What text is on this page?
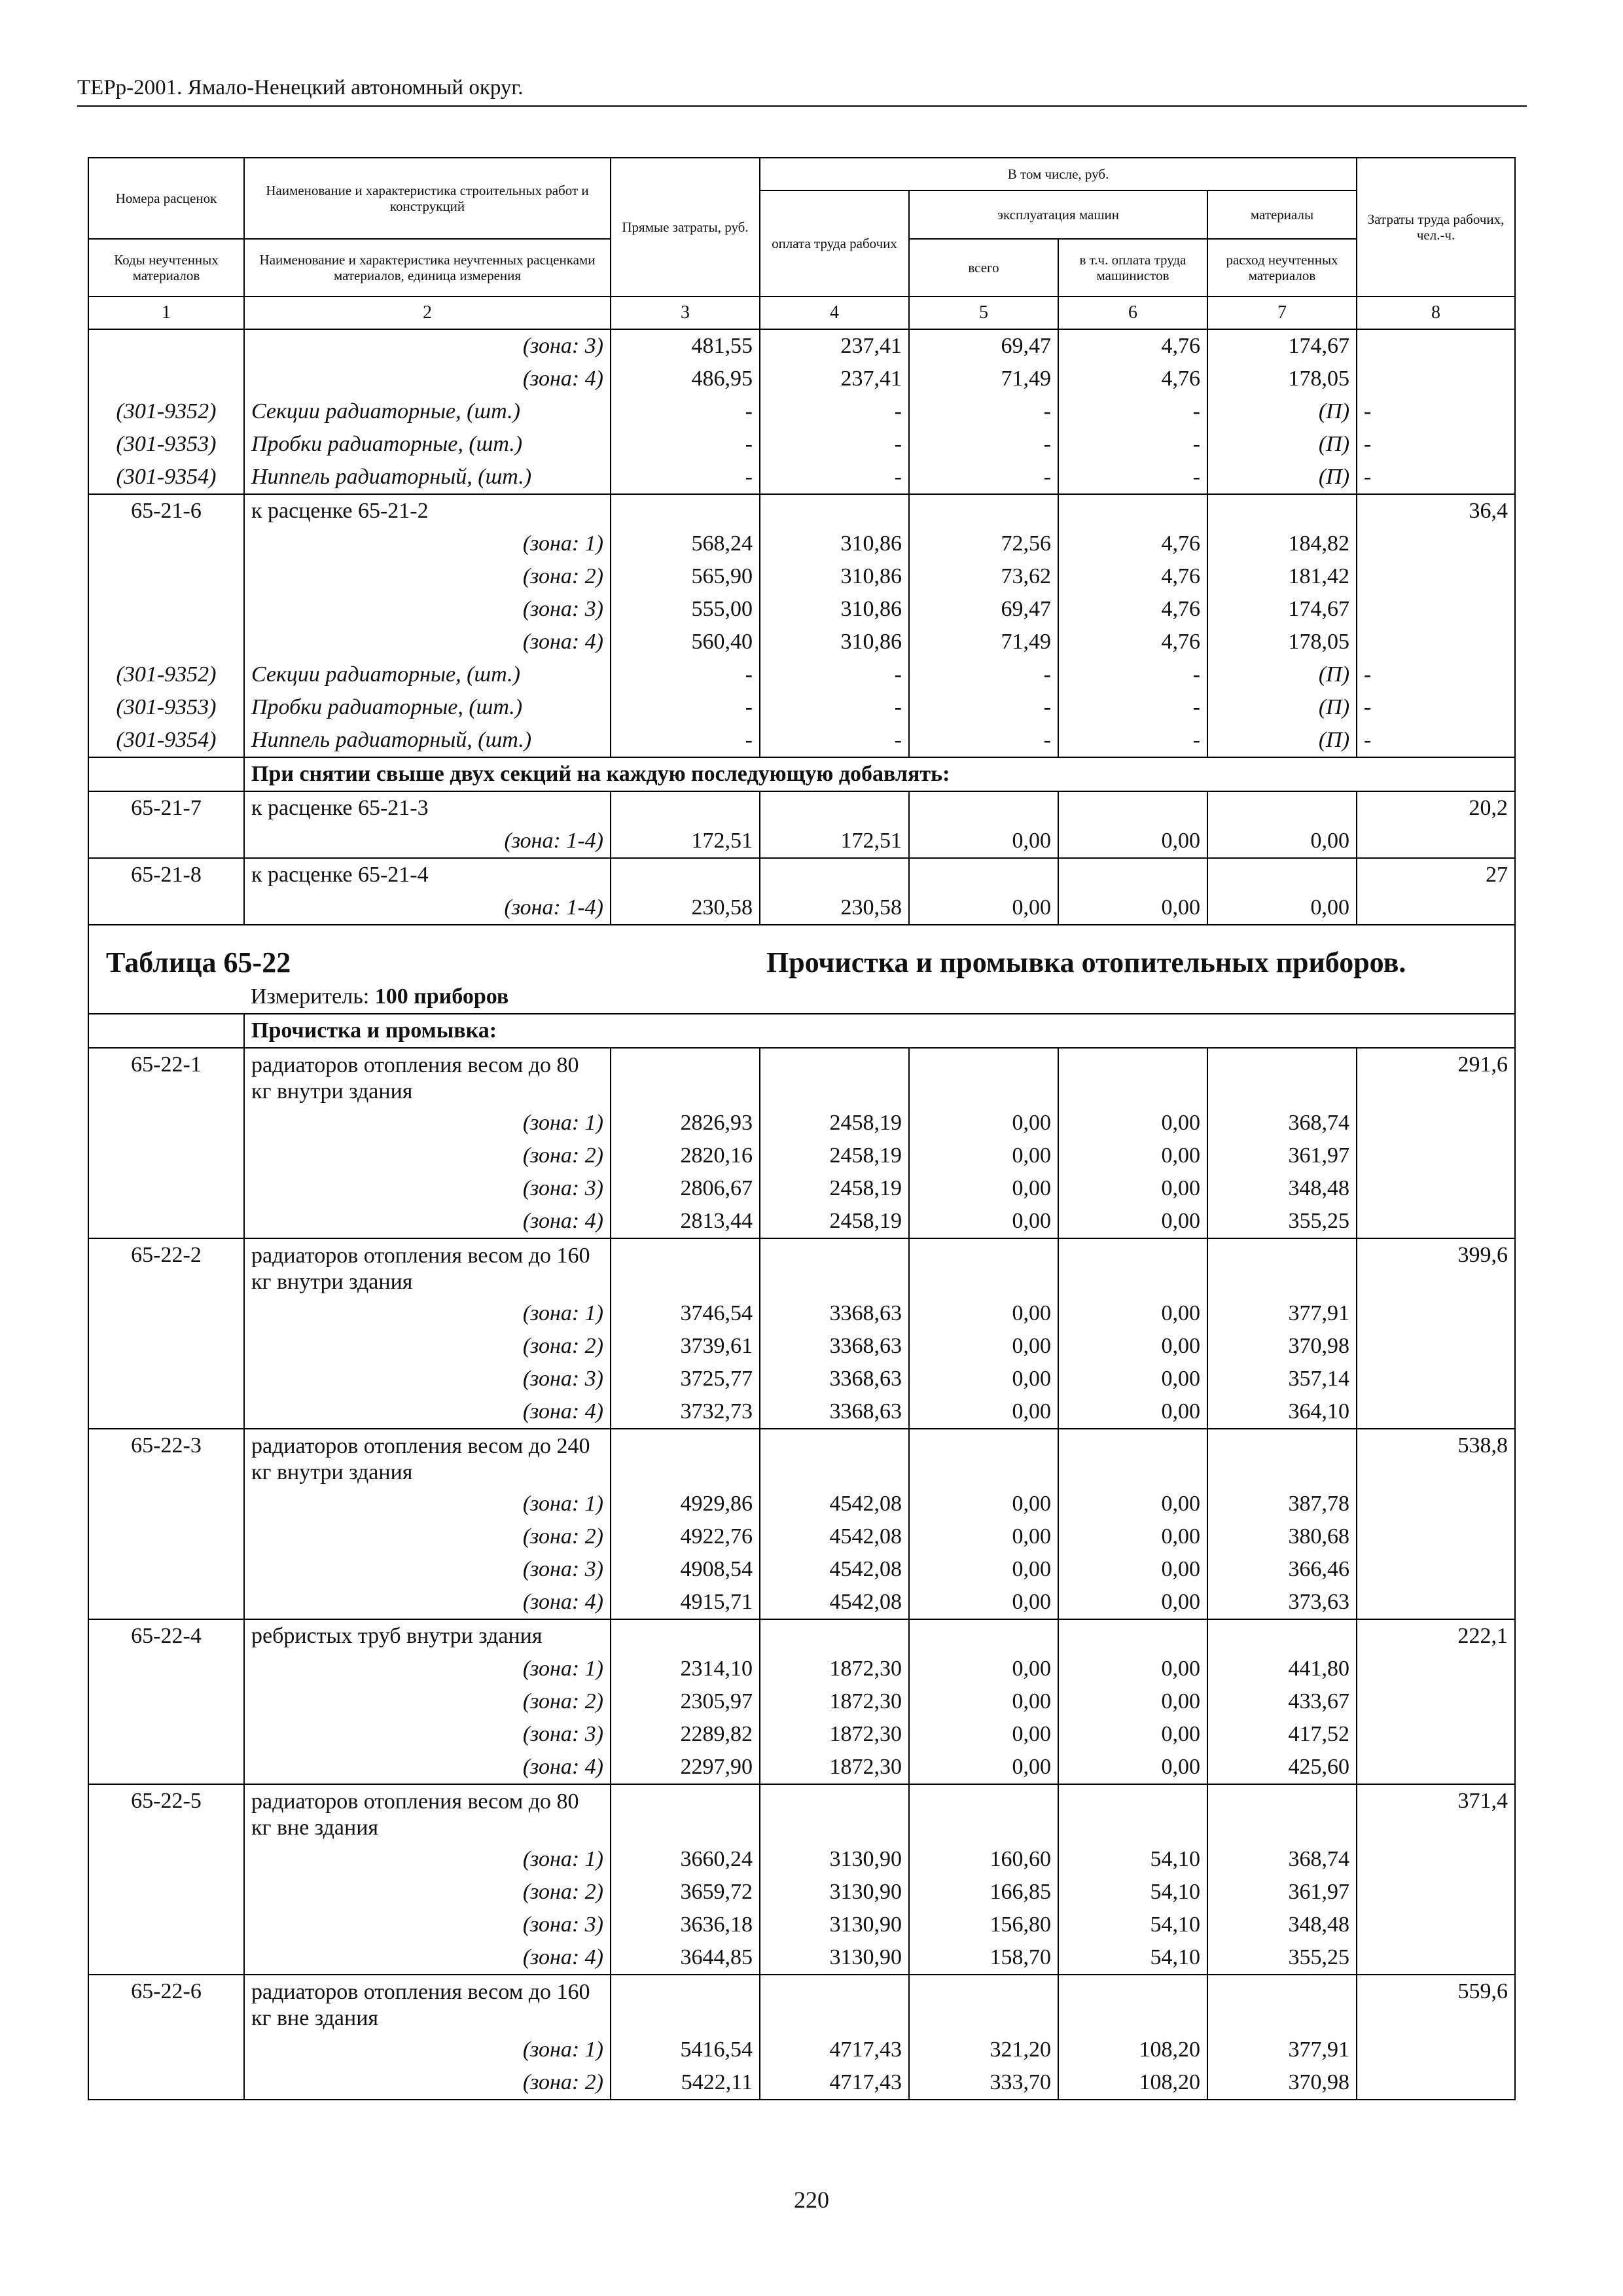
ТЕРр-2001. Ямало-Ненецкий автономный округ.
Номера расценок	Наименование и характеристика строительных работ и конструкций	Прямые затраты, руб.	В том числе, руб.				Затраты труда рабочих, чел.-ч.
			оплата труда рабочих	эксплуатация машин		материалы	
Коды неучтенных материалов	Наименование и характеристика неучтенных расценками материалов, единица измерения			всего	в т.ч. оплата труда машинистов	расход неучтенных материалов	

1	2	3	4	5	6	7	8
	(зона: 3)	481,55	237,41	69,47	4,76	174,67	
	(зона: 4)	486,95	237,41	71,49	4,76	178,05	
(301-9352)	Секции радиаторные, (шт.)	-	-	-	-	(П)	-
(301-9353)	Пробки радиаторные, (шт.)	-	-	-	-	(П)	-
(301-9354)	Ниппель радиаторный, (шт.)	-	-	-	-	(П)	-
65-21-6	к расценке 65-21-2						36,4
	(зона: 1)	568,24	310,86	72,56	4,76	184,82	
	(зона: 2)	565,90	310,86	73,62	4,76	181,42	
	(зона: 3)	555,00	310,86	69,47	4,76	174,67	
	(зона: 4)	560,40	310,86	71,49	4,76	178,05	
(301-9352)	Секции радиаторные, (шт.)	-	-	-	-	(П)	-
(301-9353)	Пробки радиаторные, (шт.)	-	-	-	-	(П)	-
(301-9354)	Ниппель радиаторный, (шт.)	-	-	-	-	(П)	-
	При снятии свыше двух секций на каждую последующую добавлять:						
65-21-7	к расценке 65-21-3						20,2
	(зона: 1-4)	172,51	172,51	0,00	0,00	0,00	
65-21-8	к расценке 65-21-4						27
	(зона: 1-4)	230,58	230,58	0,00	0,00	0,00	
Таблица 65-22			Прочистка и промывка отопительных приборов.				
	Измеритель: 100 приборов						
	Прочистка и промывка:						
65-22-1	радиаторов отопления весом до 80 кг внутри здания						291,6
	(зона: 1)	2826,93	2458,19	0,00	0,00	368,74	
	(зона: 2)	2820,16	2458,19	0,00	0,00	361,97	
	(зона: 3)	2806,67	2458,19	0,00	0,00	348,48	
	(зона: 4)	2813,44	2458,19	0,00	0,00	355,25	
65-22-2	радиаторов отопления весом до 160 кг внутри здания						399,6
	(зона: 1)	3746,54	3368,63	0,00	0,00	377,91	
	(зона: 2)	3739,61	3368,63	0,00	0,00	370,98	
	(зона: 3)	3725,77	3368,63	0,00	0,00	357,14	
	(зона: 4)	3732,73	3368,63	0,00	0,00	364,10	
65-22-3	радиаторов отопления весом до 240 кг внутри здания						538,8
	(зона: 1)	4929,86	4542,08	0,00	0,00	387,78	
	(зона: 2)	4922,76	4542,08	0,00	0,00	380,68	
	(зона: 3)	4908,54	4542,08	0,00	0,00	366,46	
	(зона: 4)	4915,71	4542,08	0,00	0,00	373,63	
65-22-4	ребристых труб внутри здания						222,1
	(зона: 1)	2314,10	1872,30	0,00	0,00	441,80	
	(зона: 2)	2305,97	1872,30	0,00	0,00	433,67	
	(зона: 3)	2289,82	1872,30	0,00	0,00	417,52	
	(зона: 4)	2297,90	1872,30	0,00	0,00	425,60	
65-22-5	радиаторов отопления весом до 80 кг вне здания						371,4
	(зона: 1)	3660,24	3130,90	160,60	54,10	368,74	
	(зона: 2)	3659,72	3130,90	166,85	54,10	361,97	
	(зона: 3)	3636,18	3130,90	156,80	54,10	348,48	
	(зона: 4)	3644,85	3130,90	158,70	54,10	355,25	
65-22-6	радиаторов отопления весом до 160 кг вне здания						559,6
	(зона: 1)	5416,54	4717,43	321,20	108,20	377,91	
	(зона: 2)	5422,11	4717,43	333,70	108,20	370,98	
220
